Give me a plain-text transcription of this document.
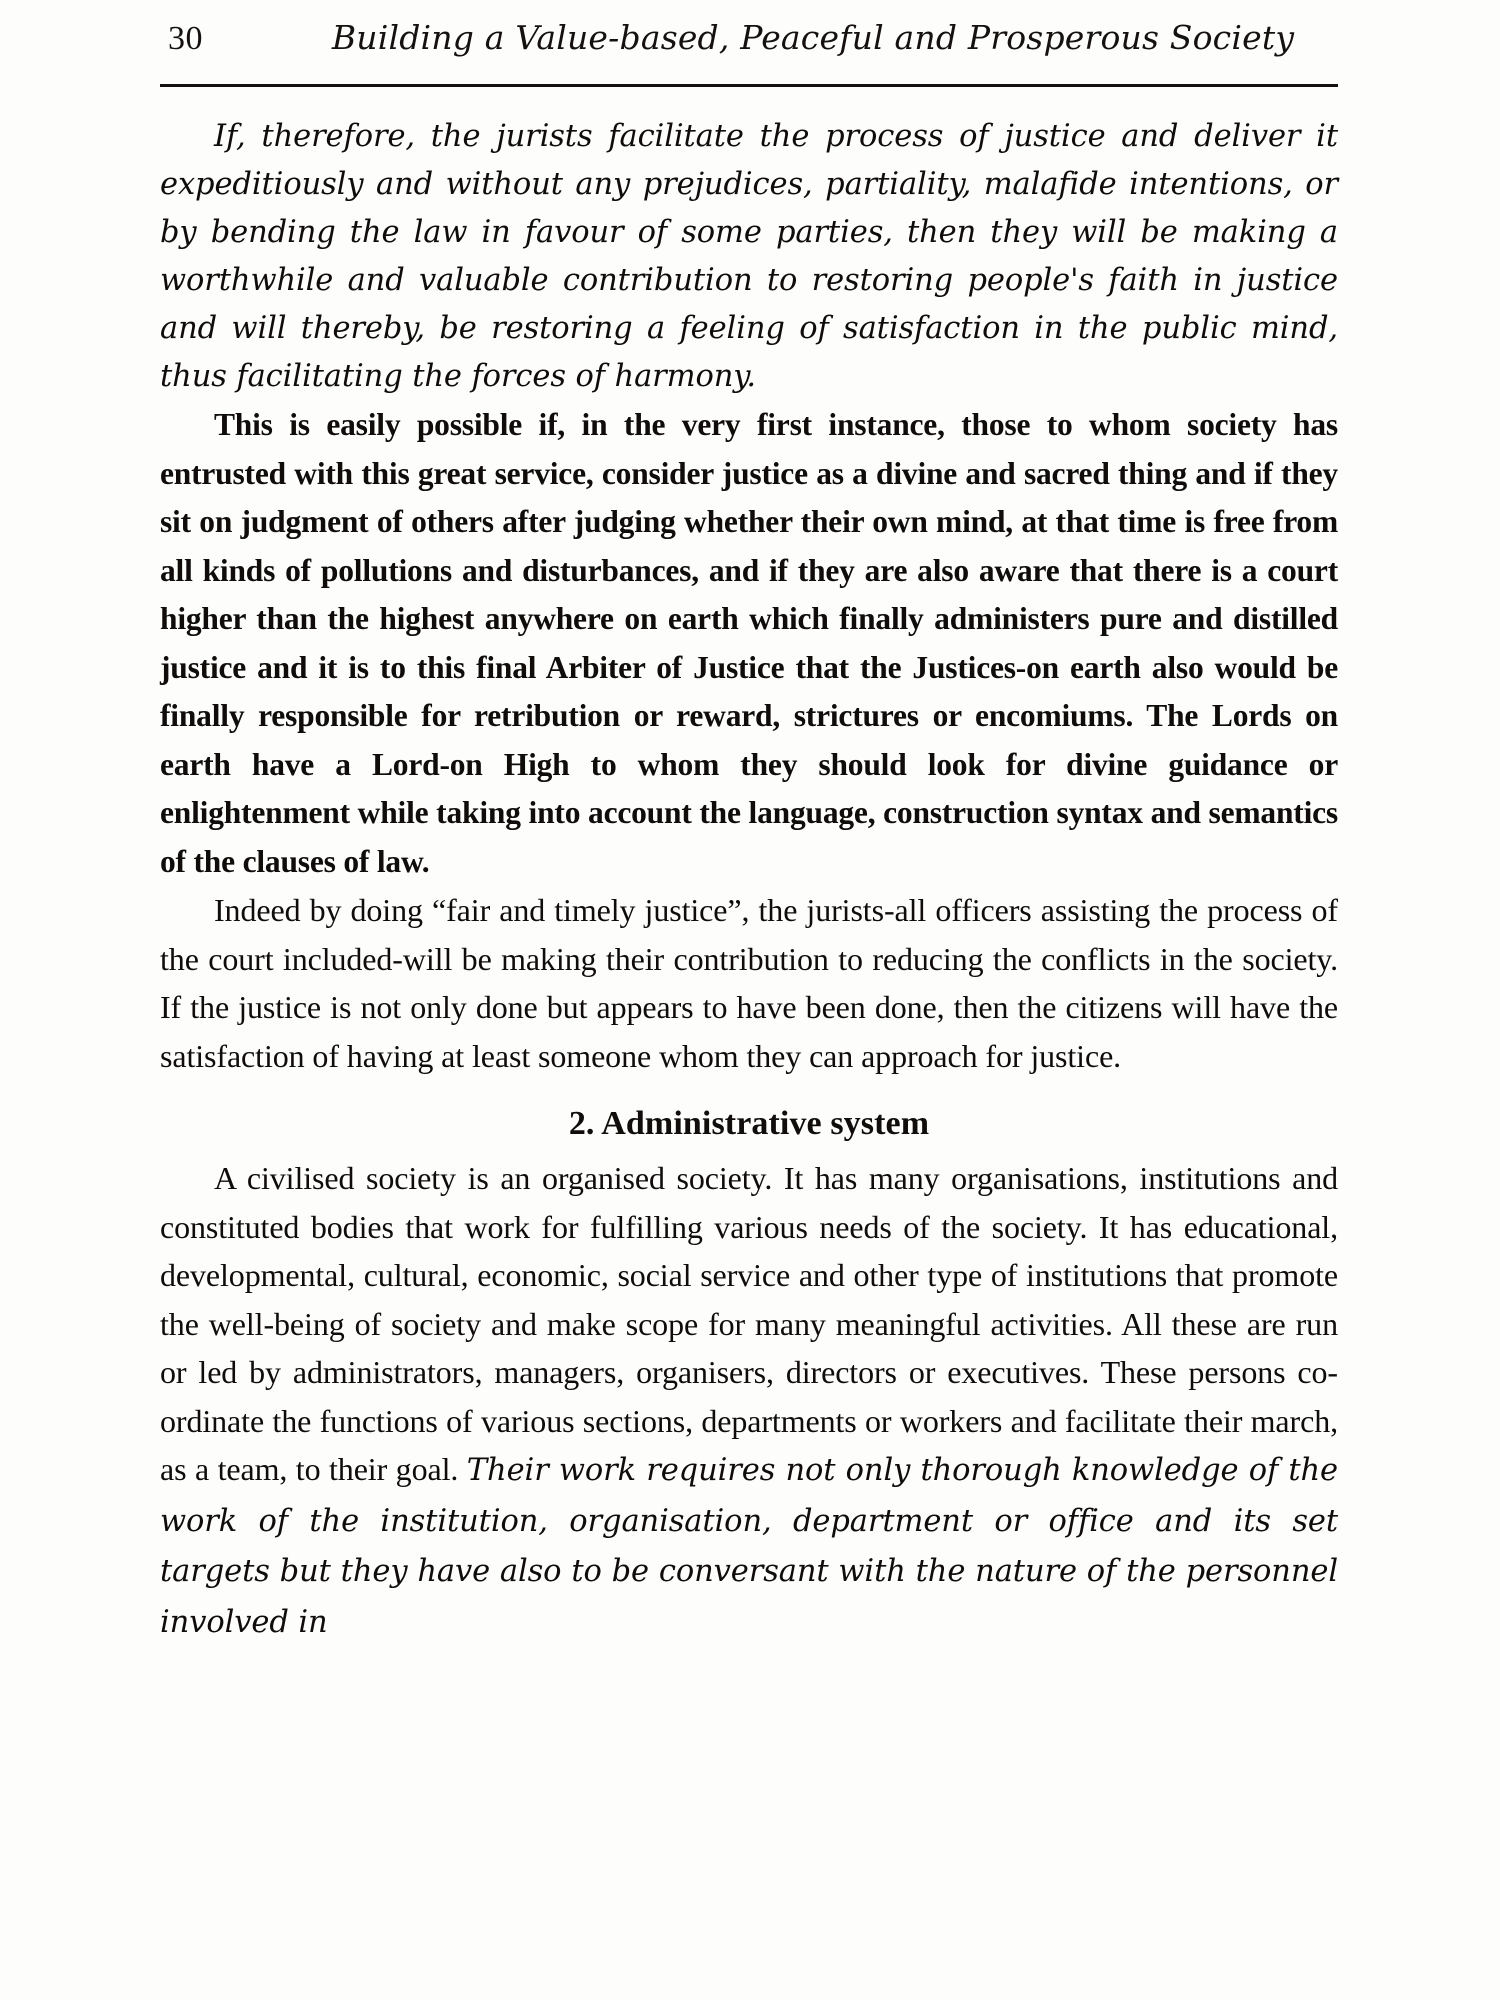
30	Building a Value-based, Peaceful and Prosperous Society

If, therefore, the jurists facilitate the process of justice and deliver it expeditiously and without any prejudices, partiality, malafide intentions, or by bending the law in favour of some parties, then they will be making a worthwhile and valuable contribution to restoring people's faith in justice and will thereby, be restoring a feeling of satisfaction in the public mind, thus facilitating the forces of harmony.

This is easily possible if, in the very first instance, those to whom society has entrusted with this great service, consider justice as a divine and sacred thing and if they sit on judgment of others after judging whether their own mind, at that time is free from all kinds of pollutions and disturbances, and if they are also aware that there is a court higher than the highest anywhere on earth which finally administers pure and distilled justice and it is to this final Arbiter of Justice that the Justices-on earth also would be finally responsible for retribution or reward, strictures or encomiums. The Lords on earth have a Lord-on High to whom they should look for divine guidance or enlightenment while taking into account the language, construction syntax and semantics of the clauses of law.

Indeed by doing “fair and timely justice”, the jurists-all officers assisting the process of the court included-will be making their contribution to reducing the conflicts in the society. If the justice is not only done but appears to have been done, then the citizens will have the satisfaction of having at least someone whom they can approach for justice.

2. Administrative system

A civilised society is an organised society. It has many organisations, institutions and constituted bodies that work for fulfilling various needs of the society. It has educational, developmental, cultural, economic, social service and other type of institutions that promote the well-being of society and make scope for many meaningful activities. All these are run or led by administrators, managers, organisers, directors or executives. These persons co-ordinate the functions of various sections, departments or workers and facilitate their march, as a team, to their goal. Their work requires not only thorough knowledge of the work of the institution, organisation, department or office and its set targets but they have also to be conversant with the nature of the personnel involved in
